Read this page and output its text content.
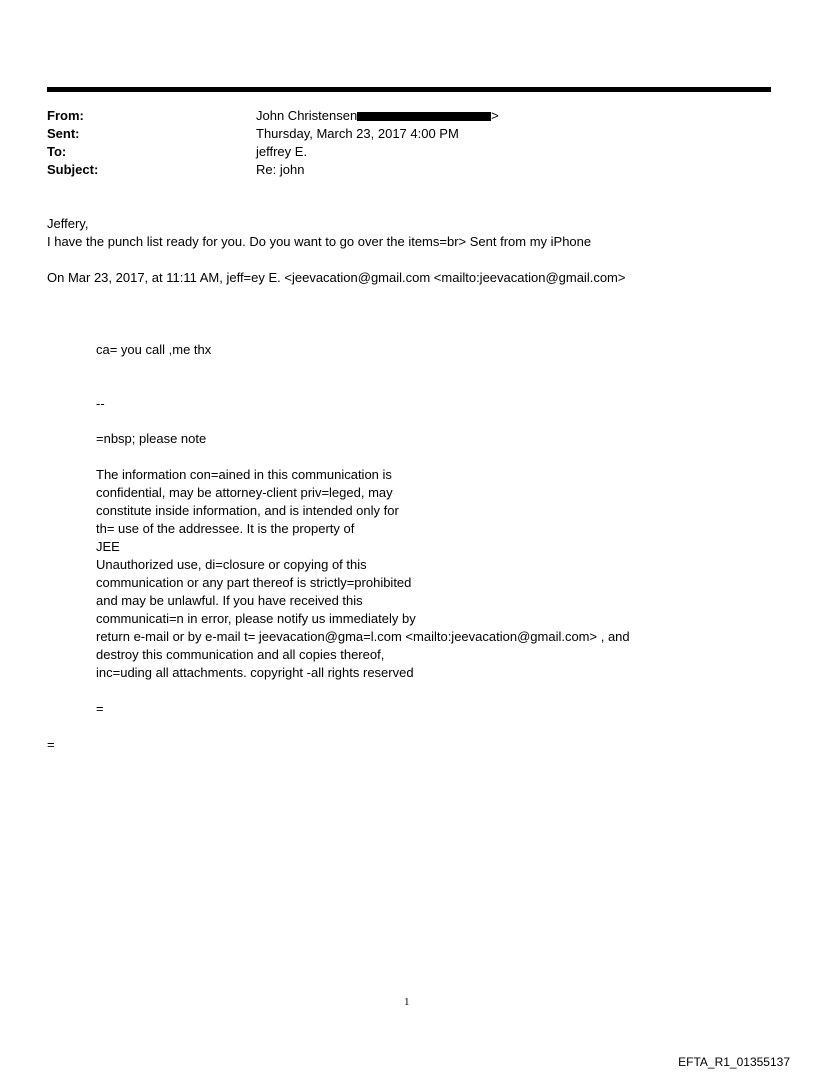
From:	John Christensen	>
Sent:	Thursday, March 23, 2017 4:00 PM
To:	jeffrey E.
Subject:	Re: john
Jeffery,
I have the punch list ready for you. Do you want to go over the items=br> Sent from my iPhone
On Mar 23, 2017, at 11:11 AM, jeff=ey E. <jeevacation@gmail.com <mailto:jeevacation@gmail.com>
ca= you call ,me thx
--
=nbsp; please note
The information con=ained in this communication is
confidential, may be attorney-client priv=leged, may
constitute inside information, and is intended only for
th= use of the addressee. It is the property of
JEE
Unauthorized use, di=closure or copying of this
communication or any part thereof is strictly=prohibited
and may be unlawful. If you have received this
communicati=n in error, please notify us immediately by
return e-mail or by e-mail t= jeevacation@gma=l.com <mailto:jeevacation@gmail.com> , and
destroy this communication and all copies thereof,
inc=uding all attachments. copyright -all rights reserved
=
=
1
EFTA_R1_01355137
